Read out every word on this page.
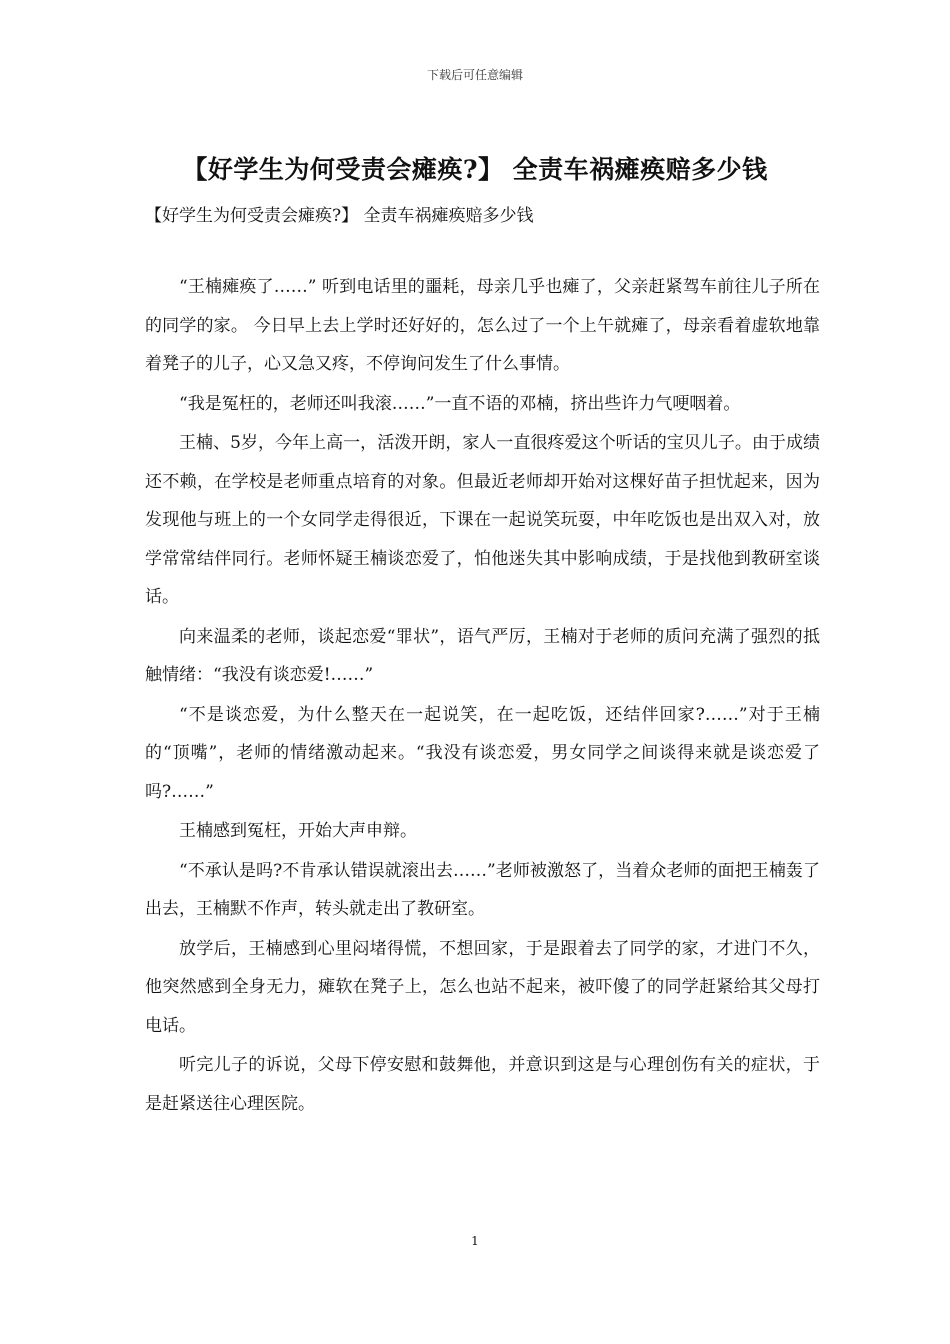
下载后可任意编辑
【好学生为何受责会瘫痪?】 全责车祸瘫痪赔多少钱

【好学生为何受责会瘫痪?】 全责车祸瘫痪赔多少钱

“王楠瘫痪了……” 听到电话里的噩耗，母亲几乎也瘫了，父亲赶紧驾车前往儿子所在的同学的家。 今日早上去上学时还好好的，怎么过了一个上午就瘫了，母亲看着虚软地靠着凳子的儿子，心又急又疼，不停询问发生了什么事情。

“我是冤枉的，老师还叫我滚……”一直不语的邓楠，挤出些许力气哽咽着。

王楠、5岁，今年上高一，活泼开朗，家人一直很疼爱这个听话的宝贝儿子。由于成绩还不赖，在学校是老师重点培育的对象。但最近老师却开始对这棵好苗子担忧起来，因为发现他与班上的一个女同学走得很近，下课在一起说笑玩耍，中年吃饭也是出双入对，放学常常结伴同行。老师怀疑王楠谈恋爱了，怕他迷失其中影响成绩，于是找他到教研室谈话。

向来温柔的老师，谈起恋爱“罪状”，语气严厉，王楠对于老师的质问充满了强烈的抵触情绪：“我没有谈恋爱!……”

“不是谈恋爱，为什么整天在一起说笑，在一起吃饭，还结伴回家?……”对于王楠的“顶嘴”，老师的情绪激动起来。“我没有谈恋爱，男女同学之间谈得来就是谈恋爱了吗?……”

王楠感到冤枉，开始大声申辩。

“不承认是吗?不肯承认错误就滚出去……”老师被激怒了，当着众老师的面把王楠轰了出去，王楠默不作声，转头就走出了教研室。

放学后，王楠感到心里闷堵得慌，不想回家，于是跟着去了同学的家，才进门不久，他突然感到全身无力，瘫软在凳子上，怎么也站不起来，被吓傻了的同学赶紧给其父母打电话。

听完儿子的诉说，父母下停安慰和鼓舞他，并意识到这是与心理创伤有关的症状，于是赶紧送往心理医院。

1
